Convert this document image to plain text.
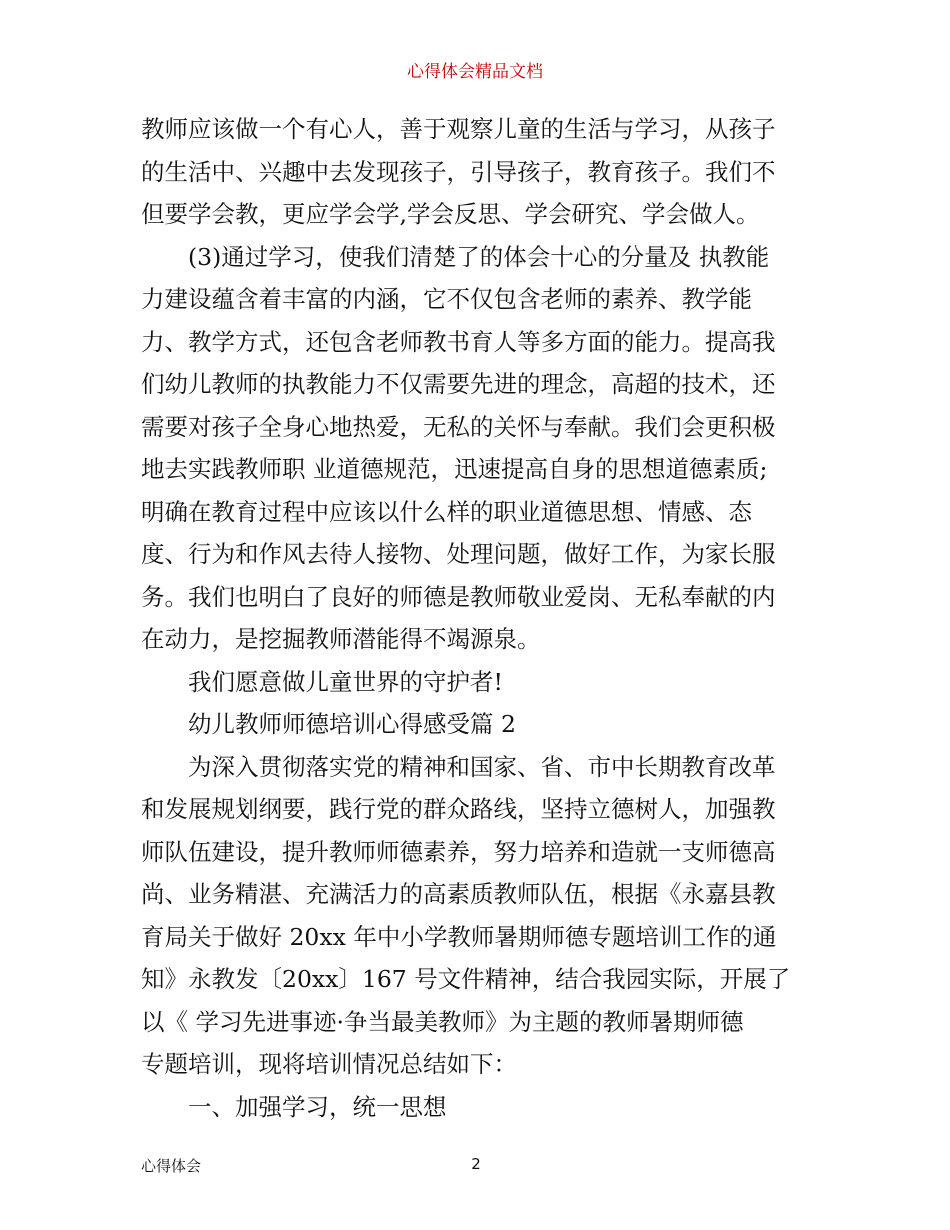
心得体会精品文档
教师应该做一个有心人，善于观察儿童的生活与学习，从孩子
的生活中、兴趣中去发现孩子，引导孩子，教育孩子。我们不
但要学会教，更应学会学,学会反思、学会研究、学会做人。
　　(3)通过学习，使我们清楚了的体会十心的分量及 执教能
力建设蕴含着丰富的内涵，它不仅包含老师的素养、教学能
力、教学方式，还包含老师教书育人等多方面的能力。提高我
们幼儿教师的执教能力不仅需要先进的理念，高超的技术，还
需要对孩子全身心地热爱，无私的关怀与奉献。我们会更积极
地去实践教师职 业道德规范，迅速提高自身的思想道德素质;
明确在教育过程中应该以什么样的职业道德思想、情感、态
度、行为和作风去待人接物、处理问题，做好工作，为家长服
务。我们也明白了良好的师德是教师敬业爱岗、无私奉献的内
在动力，是挖掘教师潜能得不竭源泉。
　　我们愿意做儿童世界的守护者!
　　幼儿教师师德培训心得感受篇 2
　　为深入贯彻落实党的精神和国家、省、市中长期教育改革
和发展规划纲要，践行党的群众路线，坚持立德树人，加强教
师队伍建设，提升教师师德素养，努力培养和造就一支师德高
尚、业务精湛、充满活力的高素质教师队伍，根据《永嘉县教
育局关于做好 20xx 年中小学教师暑期师德专题培训工作的通
知》永教发〔20xx〕167 号文件精神，结合我园实际，开展了
以《 学习先进事迹·争当最美教师》为主题的教师暑期师德
专题培训，现将培训情况总结如下：
　　一、加强学习，统一思想
心得体会	2
